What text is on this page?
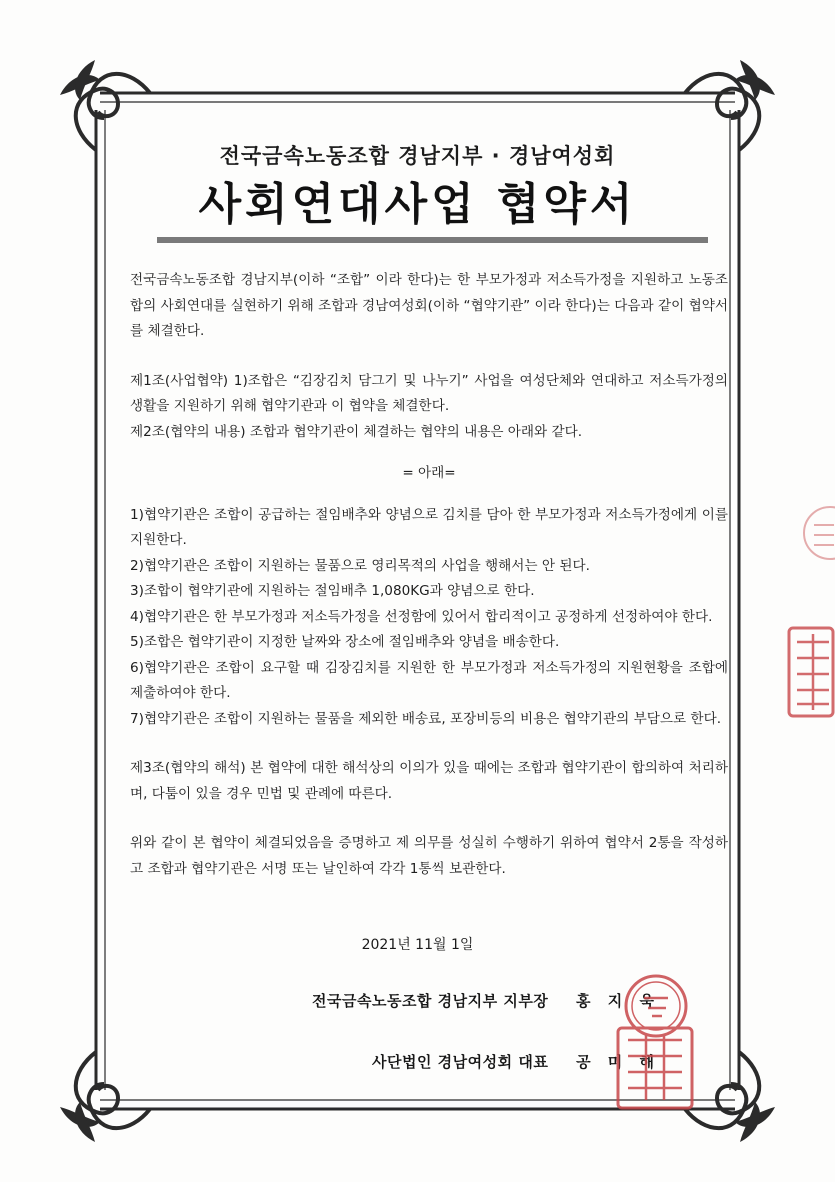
전국금속노동조합 경남지부 · 경남여성회
사회연대사업 협약서

전국금속노동조합 경남지부(이하 “조합” 이라 한다)는 한 부모가정과 저소득가정을 지원하고 노동조합의 사회연대를 실현하기 위해 조합과 경남여성회(이하 “협약기관” 이라 한다)는 다음과 같이 협약서를 체결한다.

제1조(사업협약) 1)조합은 “김장김치 담그기 및 나누기” 사업을 여성단체와 연대하고 저소득가정의 생활을 지원하기 위해 협약기관과 이 협약을 체결한다.

제2조(협약의 내용) 조합과 협약기관이 체결하는 협약의 내용은 아래와 같다.

= 아래=

1)협약기관은 조합이 공급하는 절임배추와 양념으로 김치를 담아 한 부모가정과 저소득가정에게 이를 지원한다.

2)협약기관은 조합이 지원하는 물품으로 영리목적의 사업을 행해서는 안 된다.

3)조합이 협약기관에 지원하는 절임배추 1,080KG과 양념으로 한다.

4)협약기관은 한 부모가정과 저소득가정을 선정함에 있어서 합리적이고 공정하게 선정하여야 한다.

5)조합은 협약기관이 지정한 날짜와 장소에 절임배추와 양념을 배송한다.

6)협약기관은 조합이 요구할 때 김장김치를 지원한 한 부모가정과 저소득가정의 지원현황을 조합에 제출하여야 한다.

7)협약기관은 조합이 지원하는 물품을 제외한 배송료, 포장비등의 비용은 협약기관의 부담으로 한다.

제3조(협약의 해석) 본 협약에 대한 해석상의 이의가 있을 때에는 조합과 협약기관이 합의하여 처리하며, 다툼이 있을 경우 민법 및 관례에 따른다.

위와 같이 본 협약이 체결되었음을 증명하고 제 의무를 성실히 수행하기 위하여 협약서 2통을 작성하고 조합과 협약기관은 서명 또는 날인하여 각각 1통씩 보관한다.

2021년 11월 1일
전국금속노동조합 경남지부 지부장 홍 지 욱
사단법인 경남여성회 대표 공 미 해
